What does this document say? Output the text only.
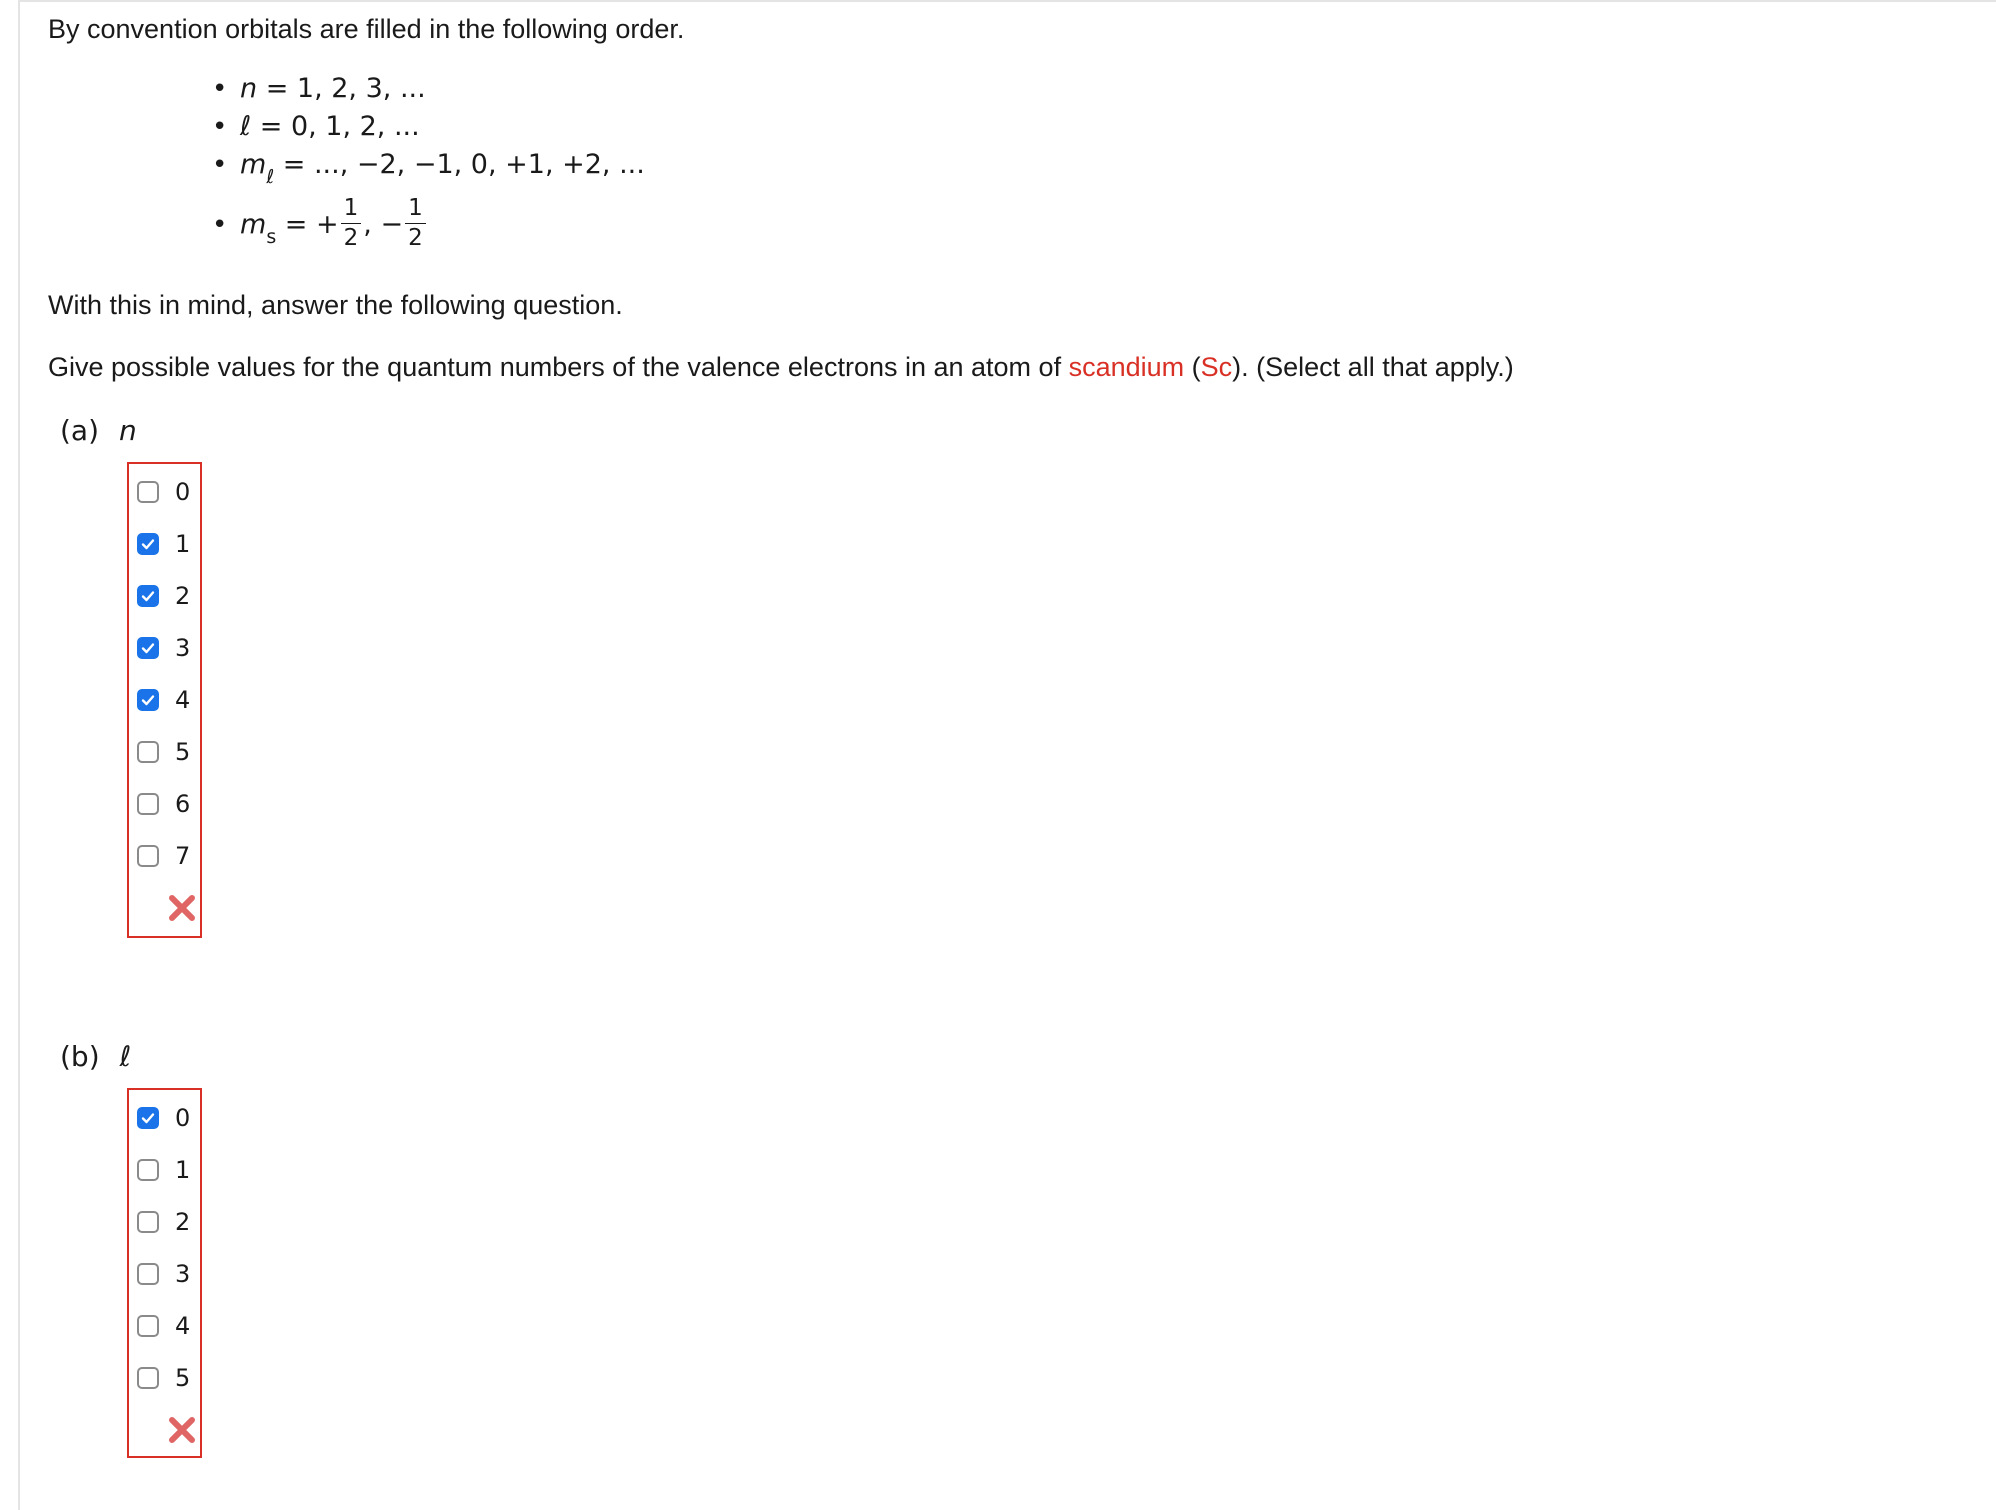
By convention orbitals are filled in the following order.
• n = 1, 2, 3, ...
• ℓ = 0, 1, 2, ...
• $m_\ell$ = ..., −2, −1, 0, +1, +2, ...
• $m_s$ = + $\frac{1}{2}$ , − $\frac{1}{2}$
With this in mind, answer the following question.
Give possible values for the quantum numbers of the valence electrons in an atom of scandium (Sc). (Select all that apply.)
(a) n
0
1
2
3
4
5
6
7
(b) ℓ
0
1
2
3
4
5
